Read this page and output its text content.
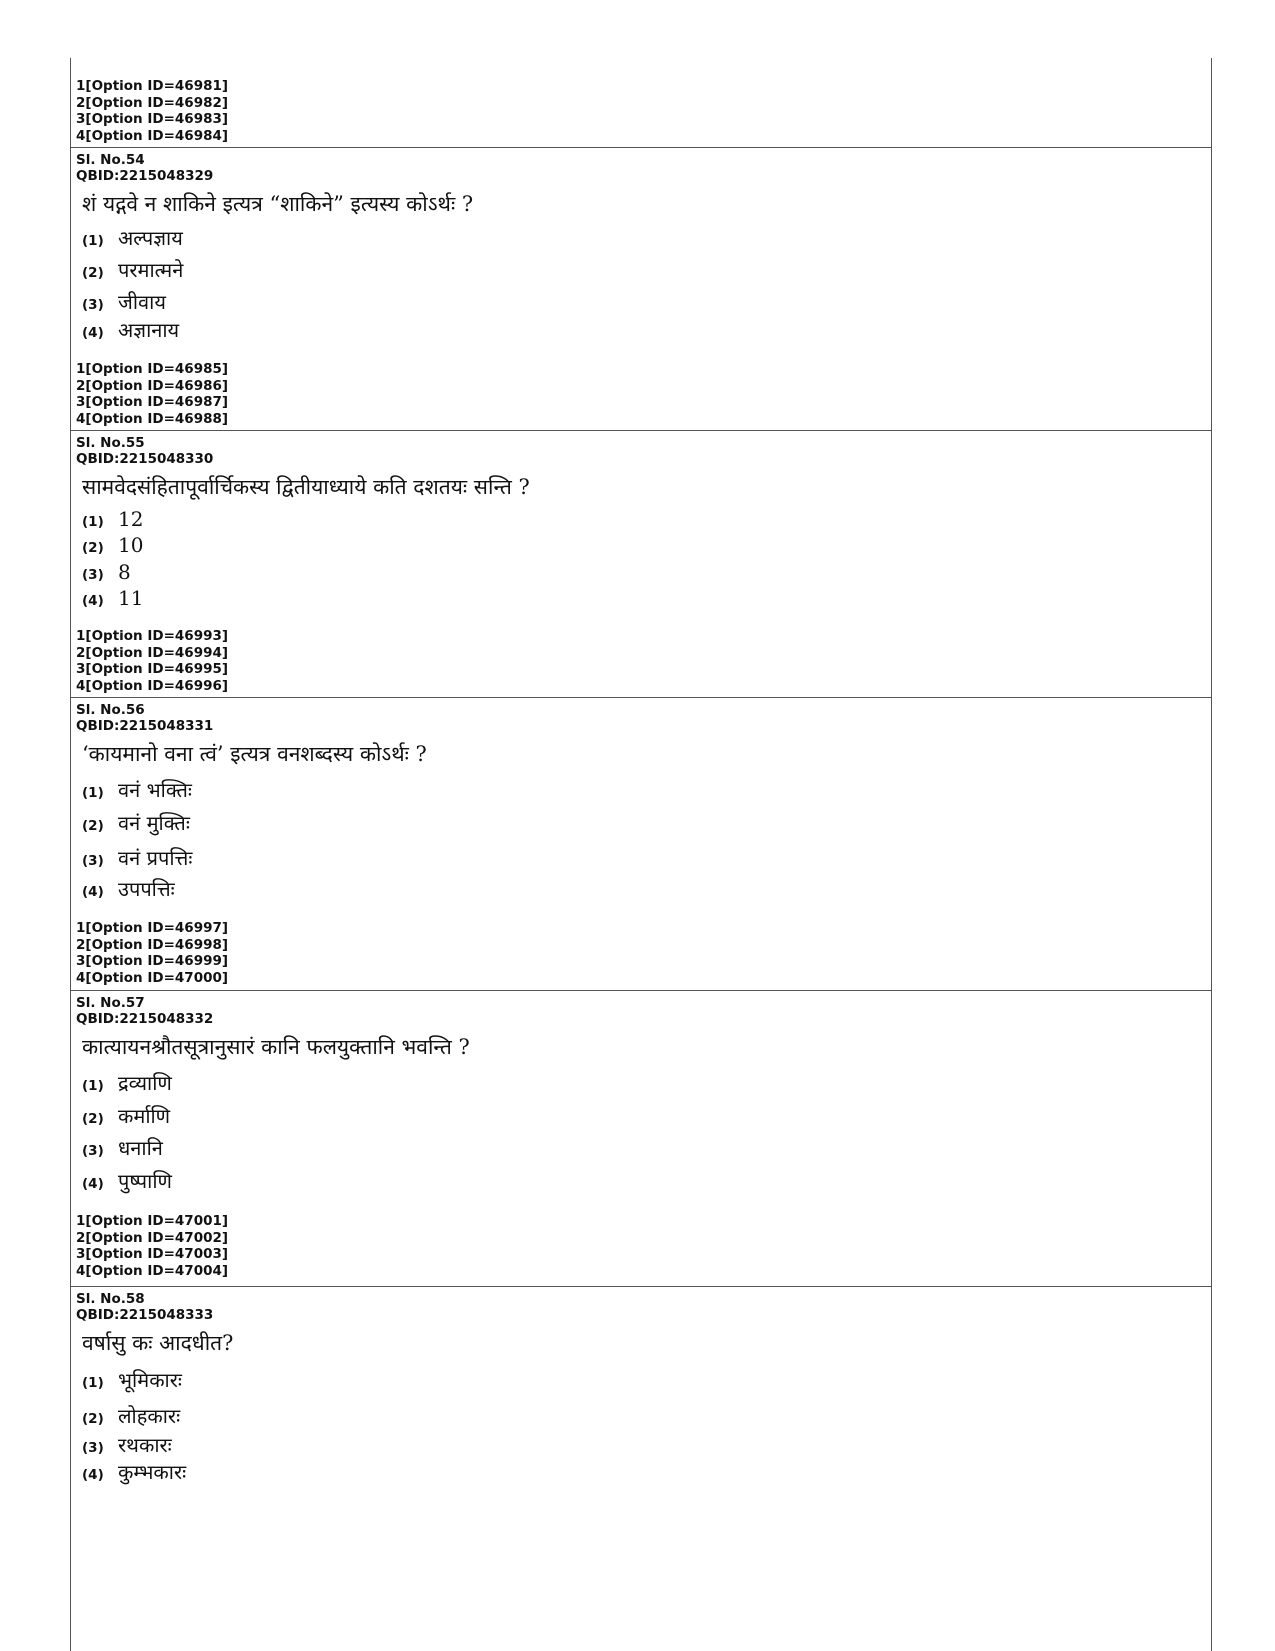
1[Option ID=46981]
2[Option ID=46982]
3[Option ID=46983]
4[Option ID=46984]
Sl. No.54
QBID:2215048329
शं यद्गवे न शाकिने इत्यत्र “शाकिने” इत्यस्य कोऽर्थः ?
(1) अल्पज्ञाय
(2) परमात्मने
(3) जीवाय
(4) अज्ञानाय
1[Option ID=46985]
2[Option ID=46986]
3[Option ID=46987]
4[Option ID=46988]
Sl. No.55
QBID:2215048330
सामवेदसंहितापूर्वार्चिकस्य द्वितीयाध्याये कति दशतयः सन्ति ?
(1) 12
(2) 10
(3) 8
(4) 11
1[Option ID=46993]
2[Option ID=46994]
3[Option ID=46995]
4[Option ID=46996]
Sl. No.56
QBID:2215048331
‘कायमानो वना त्वं’ इत्यत्र वनशब्दस्य कोऽर्थः ?
(1) वनं भक्तिः
(2) वनं मुक्तिः
(3) वनं प्रपत्तिः
(4) उपपत्तिः
1[Option ID=46997]
2[Option ID=46998]
3[Option ID=46999]
4[Option ID=47000]
Sl. No.57
QBID:2215048332
कात्यायनश्रौतसूत्रानुसारं कानि फलयुक्तानि भवन्ति ?
(1) द्रव्याणि
(2) कर्माणि
(3) धनानि
(4) पुष्पाणि
1[Option ID=47001]
2[Option ID=47002]
3[Option ID=47003]
4[Option ID=47004]
Sl. No.58
QBID:2215048333
वर्षासु कः आदधीत?
(1) भूमिकारः
(2) लोहकारः
(3) रथकारः
(4) कुम्भकारः
